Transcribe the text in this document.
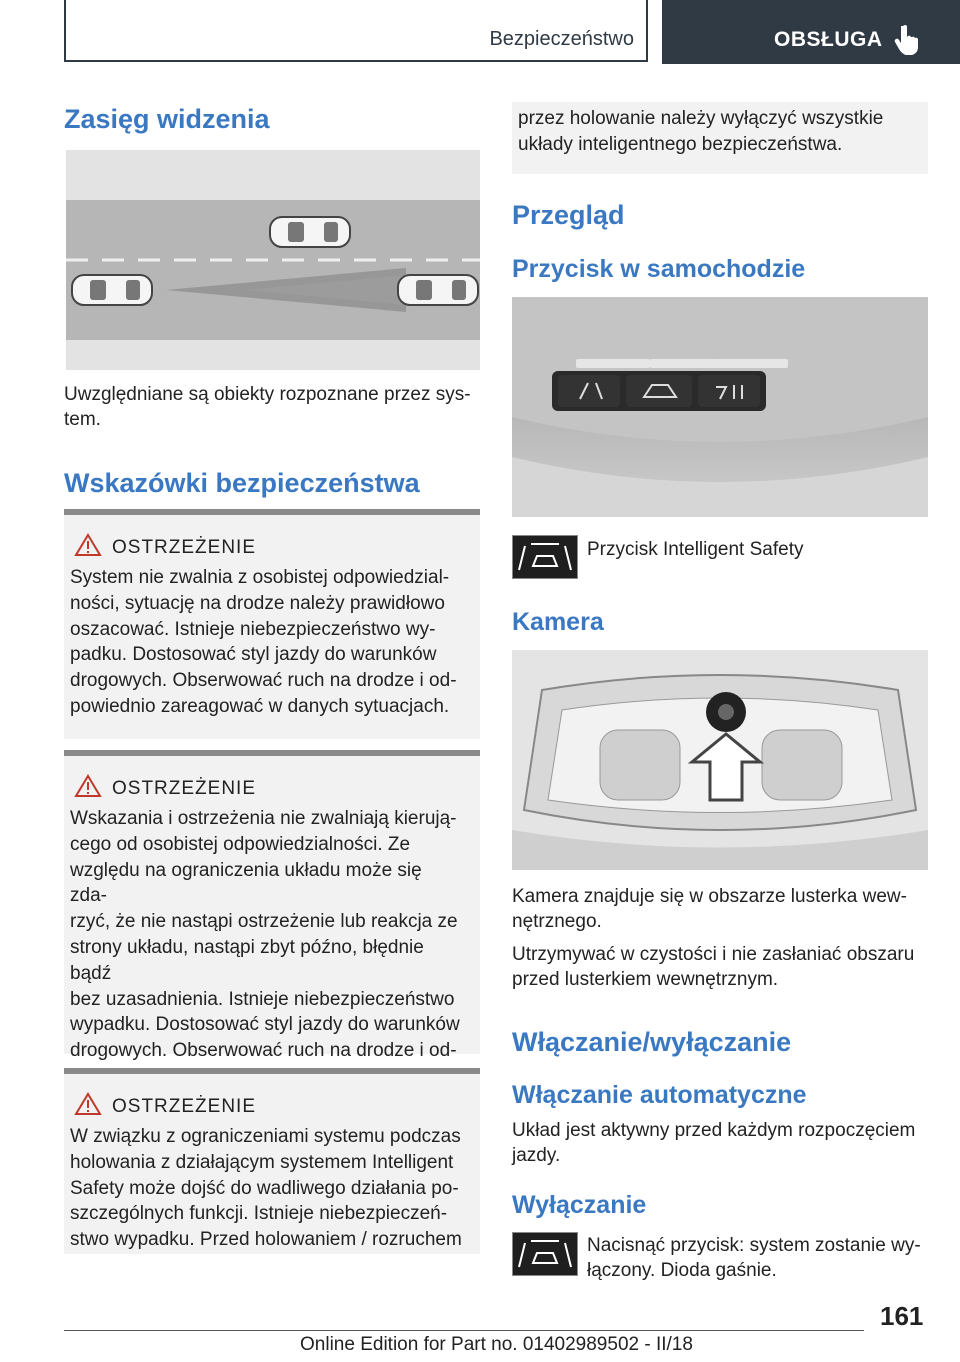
Bezpieczeństwo	OBSŁUGA
Zasięg widzenia

Uwzględniane są obiekty rozpoznane przez sys‐
tem.

Wskazówki bezpieczeństwa
OSTRZEŻENIE

System nie zwalnia z osobistej odpowiedzial‐
ności, sytuację na drodze należy prawidłowo
oszacować. Istnieje niebezpieczeństwo wy‐
padku. Dostosować styl jazdy do warunków
drogowych. Obserwować ruch na drodze i od‐
powiednio zareagować w danych sytuacjach.

OSTRZEŻENIE

Wskazania i ostrzeżenia nie zwalniają kierują‐
cego od osobistej odpowiedzialności. Ze
względu na ograniczenia układu może się zda‐
rzyć, że nie nastąpi ostrzeżenie lub reakcja ze
strony układu, nastąpi zbyt późno, błędnie bądź
bez uzasadnienia. Istnieje niebezpieczeństwo
wypadku. Dostosować styl jazdy do warunków
drogowych. Obserwować ruch na drodze i od‐

OSTRZEŻENIE

W związku z ograniczeniami systemu podczas
holowania z działającym systemem Intelligent
Safety może dojść do wadliwego działania po‐
szczególnych funkcji. Istnieje niebezpieczeń‐
stwo wypadku. Przed holowaniem / rozruchem

przez holowanie należy wyłączyć wszystkie
układy inteligentnego bezpieczeństwa.

Przegląd
Przycisk w samochodzie

Przycisk Intelligent Safety

Kamera

Kamera znajduje się w obszarze lusterka wew‐
nętrznego.

Utrzymywać w czystości i nie zasłaniać obszaru
przed lusterkiem wewnętrznym.

Włączanie/wyłączanie
Włączanie automatyczne

Układ jest aktywny przed każdym rozpoczęciem
jazdy.

Wyłączanie

Nacisnąć przycisk: system zostanie wy‐
łączony. Dioda gaśnie.

161
Online Edition for Part no. 01402989502 - II/18
